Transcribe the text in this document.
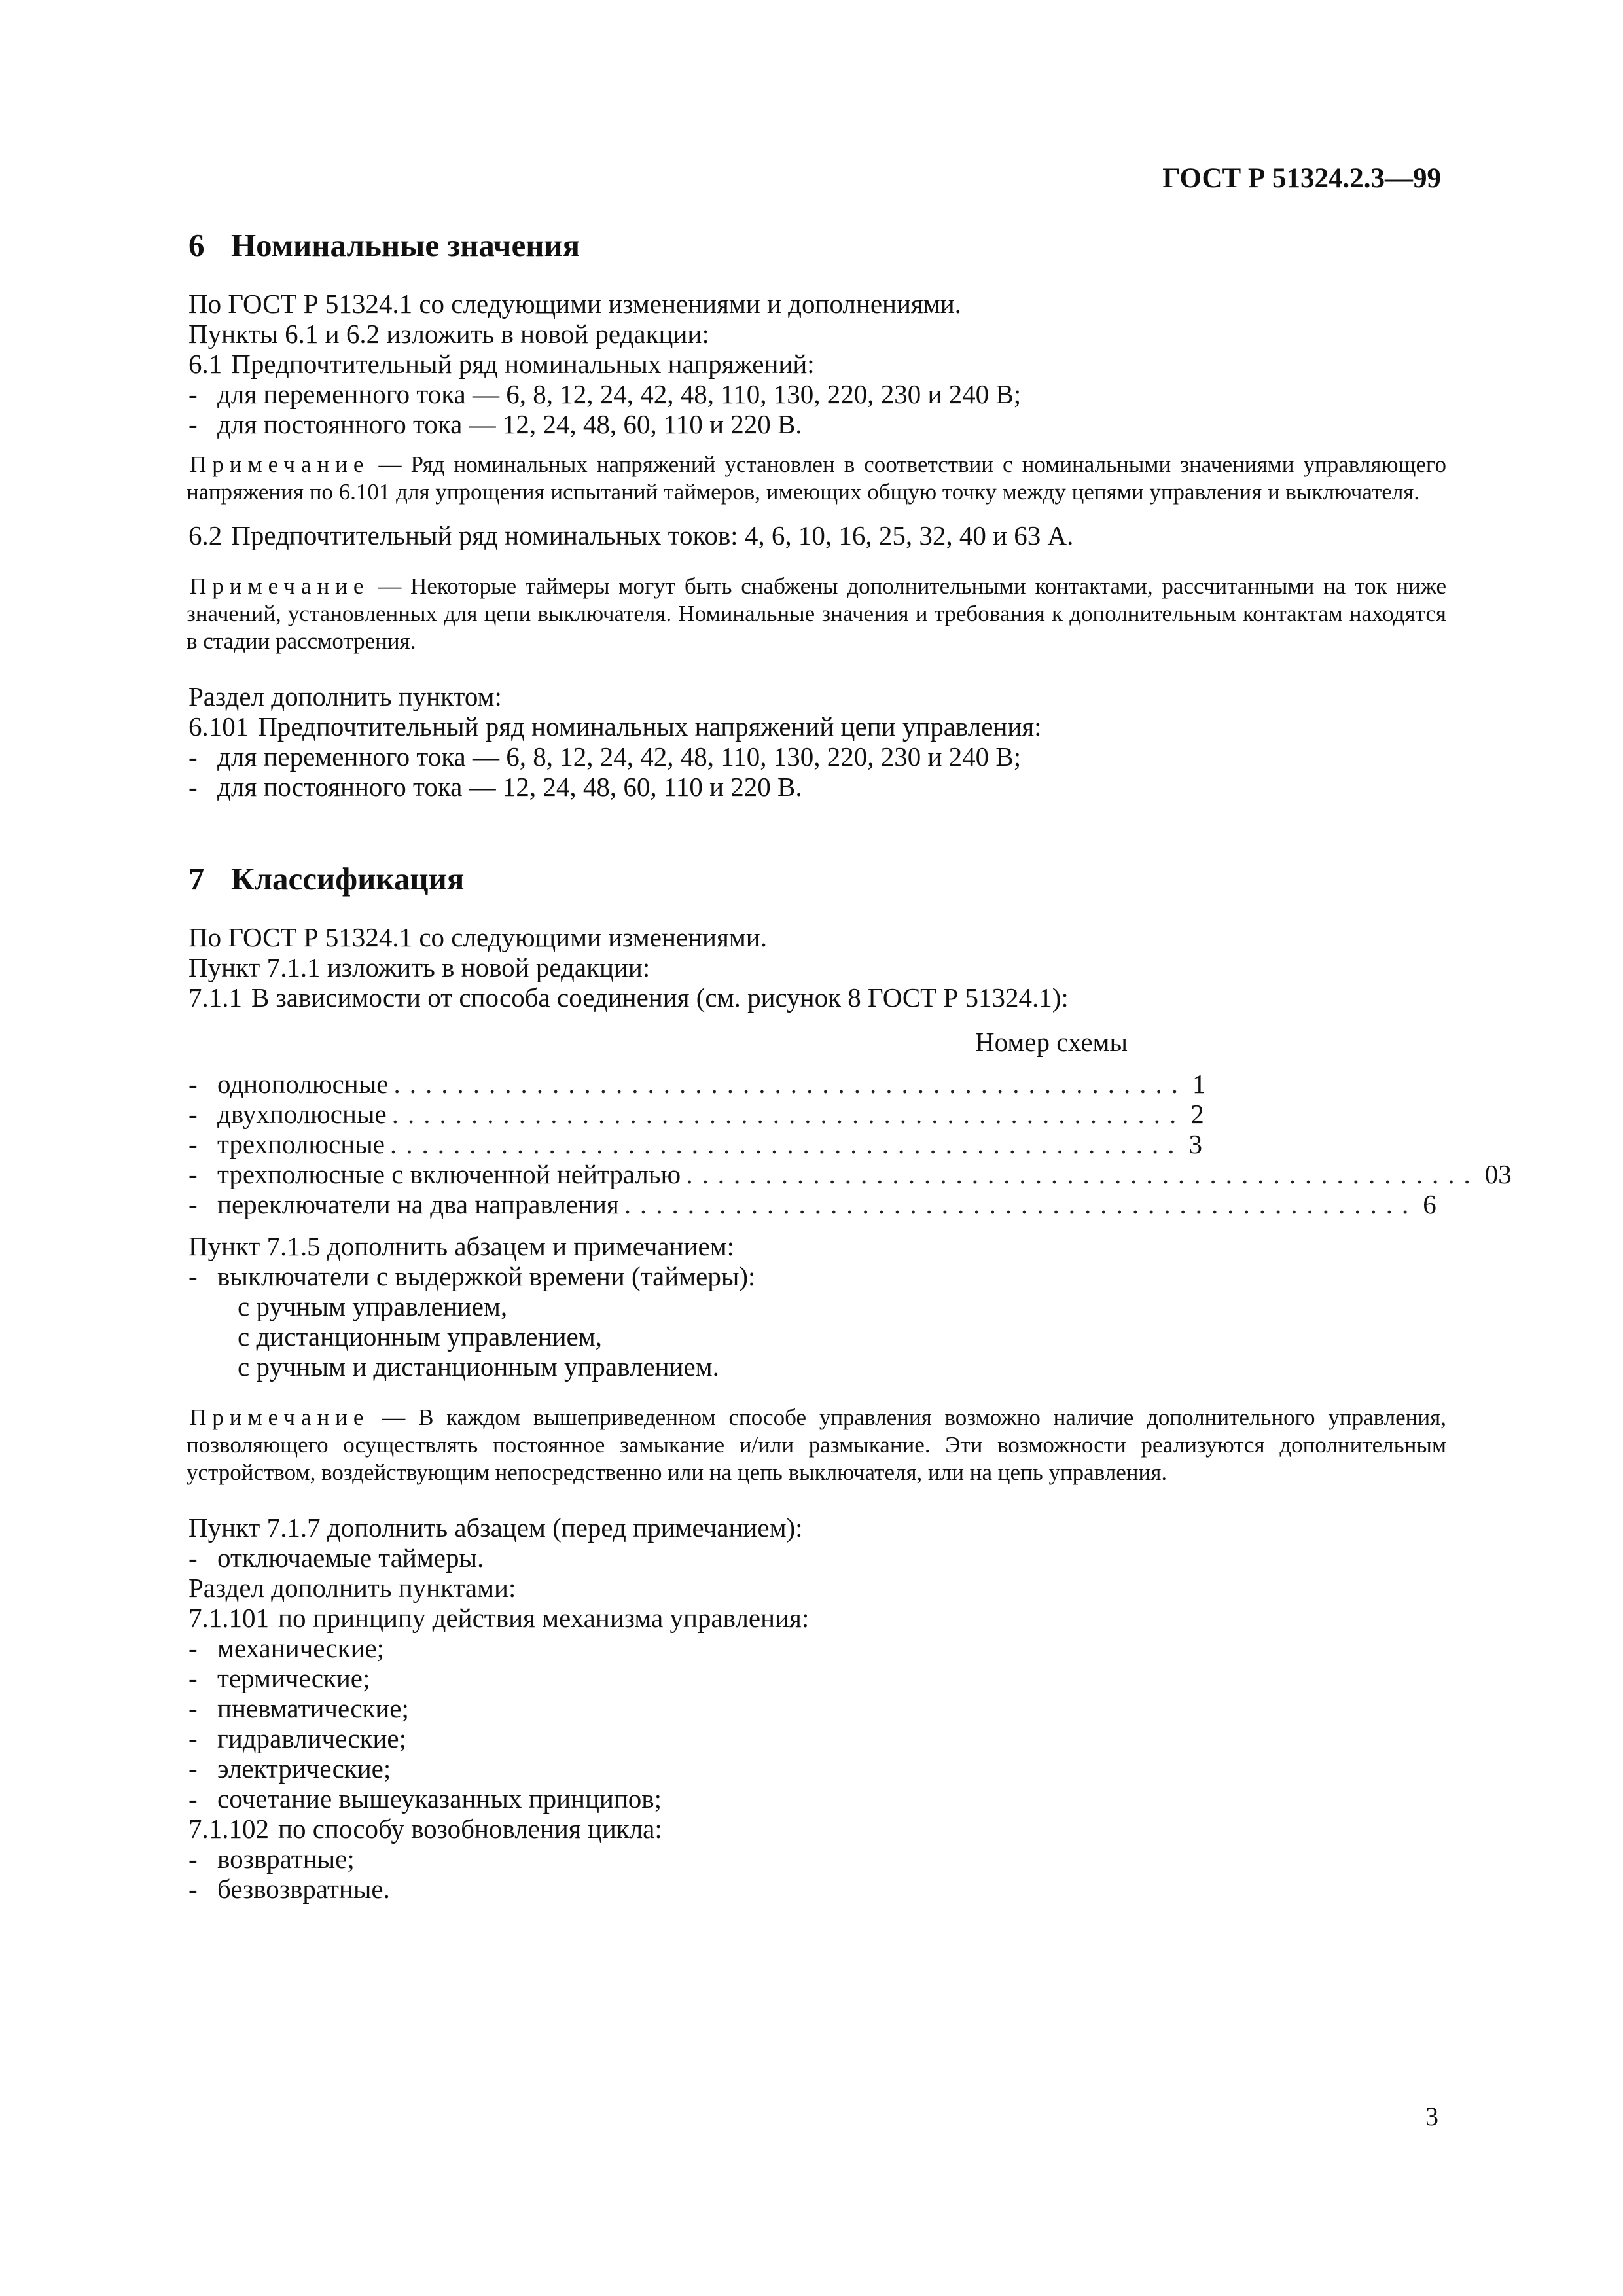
ГОСТ Р 51324.2.3—99
6 Номинальные значения
По ГОСТ Р 51324.1 со следующими изменениями и дополнениями.
Пункты 6.1 и 6.2 изложить в новой редакции:
6.1 Предпочтительный ряд номинальных напряжений:
- для переменного тока — 6, 8, 12, 24, 42, 48, 110, 130, 220, 230 и 240 В;
- для постоянного тока — 12, 24, 48, 60, 110 и 220 В.
Примечание — Ряд номинальных напряжений установлен в соответствии с номинальными значениями управляющего напряжения по 6.101 для упрощения испытаний таймеров, имеющих общую точку между цепями управления и выключателя.
6.2 Предпочтительный ряд номинальных токов: 4, 6, 10, 16, 25, 32, 40 и 63 А.
Примечание — Некоторые таймеры могут быть снабжены дополнительными контактами, рассчитанными на ток ниже значений, установленных для цепи выключателя. Номинальные значения и требования к дополнительным контактам находятся в стадии рассмотрения.
Раздел дополнить пунктом:
6.101 Предпочтительный ряд номинальных напряжений цепи управления:
- для переменного тока — 6, 8, 12, 24, 42, 48, 110, 130, 220, 230 и 240 В;
- для постоянного тока — 12, 24, 48, 60, 110 и 220 В.
7 Классификация
По ГОСТ Р 51324.1 со следующими изменениями.
Пункт 7.1.1 изложить в новой редакции:
7.1.1 В зависимости от способа соединения (см. рисунок 8 ГОСТ Р 51324.1):
Номер схемы
- однополюсные .................................................. 1
- двухполюсные .................................................. 2
- трехполюсные .................................................. 3
- трехполюсные с включенной нейтралью .................................................. 03
- переключатели на два направления .................................................. 6
Пункт 7.1.5 дополнить абзацем и примечанием:
- выключатели с выдержкой времени (таймеры):
с ручным управлением,
с дистанционным управлением,
с ручным и дистанционным управлением.
Примечание — В каждом вышеприведенном способе управления возможно наличие дополнительного управления, позволяющего осуществлять постоянное замыкание и/или размыкание. Эти возможности реализуются дополнительным устройством, воздействующим непосредственно или на цепь выключателя, или на цепь управления.
Пункт 7.1.7 дополнить абзацем (перед примечанием):
- отключаемые таймеры.
Раздел дополнить пунктами:
7.1.101 по принципу действия механизма управления:
- механические;
- термические;
- пневматические;
- гидравлические;
- электрические;
- сочетание вышеуказанных принципов;
7.1.102 по способу возобновления цикла:
- возвратные;
- безвозвратные.
3
